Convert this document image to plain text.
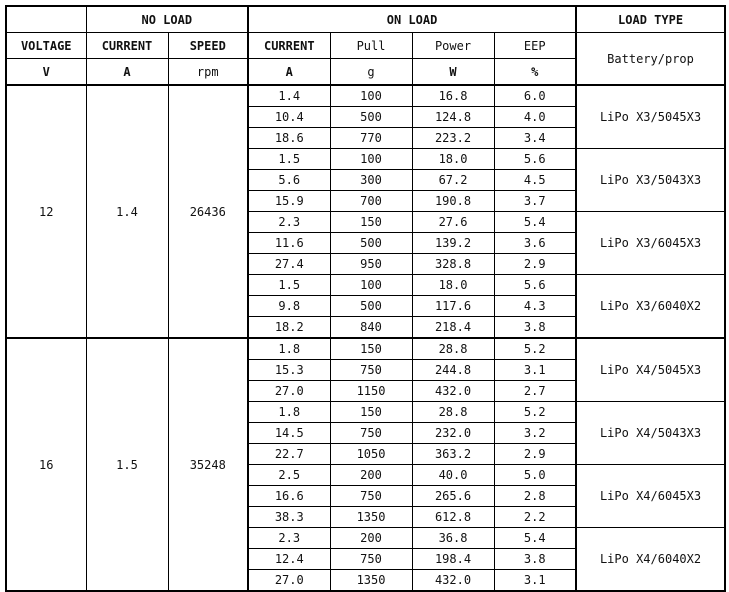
	NO LOAD		ON LOAD				LOAD TYPE
VOLTAGE	CURRENT	SPEED	CURRENT	Pull	Power	EEP	Battery/prop
V	A	rpm	A	g	W	%	
12	1.4	26436	1.4	100	16.8	6.0	LiPo X3/5045X3
			10.4	500	124.8	4.0	
			18.6	770	223.2	3.4	
			1.5	100	18.0	5.6	LiPo X3/5043X3
			5.6	300	67.2	4.5	
			15.9	700	190.8	3.7	
			2.3	150	27.6	5.4	LiPo X3/6045X3
			11.6	500	139.2	3.6	
			27.4	950	328.8	2.9	
			1.5	100	18.0	5.6	LiPo X3/6040X2
			9.8	500	117.6	4.3	
			18.2	840	218.4	3.8	
16	1.5	35248	1.8	150	28.8	5.2	LiPo X4/5045X3
			15.3	750	244.8	3.1	
			27.0	1150	432.0	2.7	
			1.8	150	28.8	5.2	LiPo X4/5043X3
			14.5	750	232.0	3.2	
			22.7	1050	363.2	2.9	
			2.5	200	40.0	5.0	LiPo X4/6045X3
			16.6	750	265.6	2.8	
			38.3	1350	612.8	2.2	
			2.3	200	36.8	5.4	LiPo X4/6040X2
			12.4	750	198.4	3.8	
			27.0	1350	432.0	3.1	
